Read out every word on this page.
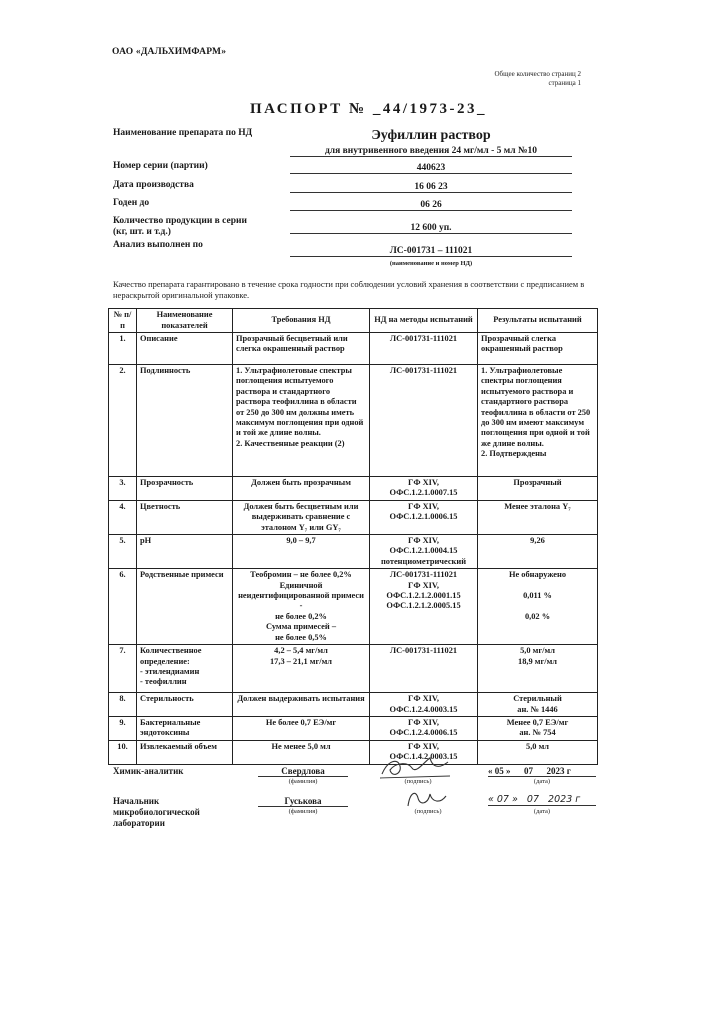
ОАО «ДАЛЬХИМФАРМ»
Общее количество страниц 2
страница 1
ПАСПОРТ № _44/1973-23_
Наименование препарата по НД	Эуфиллин раствор
для внутривенного введения 24 мг/мл - 5 мл №10
Номер серии (партии)	440623
Дата производства	16 06 23
Годен до	06 26
Количество продукции в серии
(кг, шт. и т.д.)	12 600 уп.
Анализ выполнен по
ЛС-001731 – 111021
(наименование и номер НД)
Качество препарата гарантировано в течение срока годности при соблюдении условий хранения в соответствии с предписанием в нераскрытой оригинальной упаковке.
№ п/п	Наименование показателей	Требования НД	НД на методы испытаний	Результаты испытаний
1.	Описание	Прозрачный бесцветный или слегка окрашенный раствор	ЛС-001731-111021	Прозрачный слегка окрашенный раствор
2.	Подлинность	1. Ультрафиолетовые спектры поглощения испытуемого раствора и стандартного раствора теофиллина в области от 250 до 300 нм должны иметь максимум поглощения при одной и той же длине волны.
2. Качественные реакции (2)	ЛС-001731-111021	1. Ультрафиолетовые спектры поглощения испытуемого раствора и стандартного раствора теофиллина в области от 250 до 300 нм имеют максимум поглощения при одной и той же длине волны.
2. Подтверждены
3.	Прозрачность	Должен быть прозрачным	ГФ XIV,
ОФС.1.2.1.0007.15	Прозрачный
4.	Цветность	Должен быть бесцветным или выдерживать сравнение с эталоном Y₇ или GY₇	ГФ XIV,
ОФС.1.2.1.0006.15	Менее эталона Y₇
5.	pH	9,0 – 9,7	ГФ XIV,
ОФС.1.2.1.0004.15
потенциометрический	9,26
6.	Родственные примеси	Теобромин – не более 0,2%
Единичной неидентифицированной примеси -
не более 0,2%
Сумма примесей –
не более 0,5%	ЛС-001731-111021
ГФ XIV,
ОФС.1.2.1.2.0001.15
ОФС.1.2.1.2.0005.15	Не обнаружено

0,011 %

0,02 %
7.	Количественное определение:
- этилендиамин
- теофиллин	4,2 – 5,4 мг/мл
17,3 – 21,1 мг/мл	ЛС-001731-111021	5,0 мг/мл
18,9 мг/мл
8.	Стерильность	Должен выдерживать испытания	ГФ XIV,
ОФС.1.2.4.0003.15	Стерильный
ан. № 1446
9.	Бактериальные эндотоксины	Не более 0,7 ЕЭ/мг	ГФ XIV,
ОФС.1.2.4.0006.15	Менее 0,7 ЕЭ/мг
ан. № 754
10.	Извлекаемый объем	Не менее 5,0 мл	ГФ XIV,
ОФС.1.4.2.0003.15	5,0 мл
Химик-аналитик	Свердлова
(фамилия)	(подпись)
« 05 »      07      2023 г
(дата)
Начальник микробиологической лаборатории
Гуськова
(фамилия)	(подпись)
« 07 »   07   2023 г
(дата)
